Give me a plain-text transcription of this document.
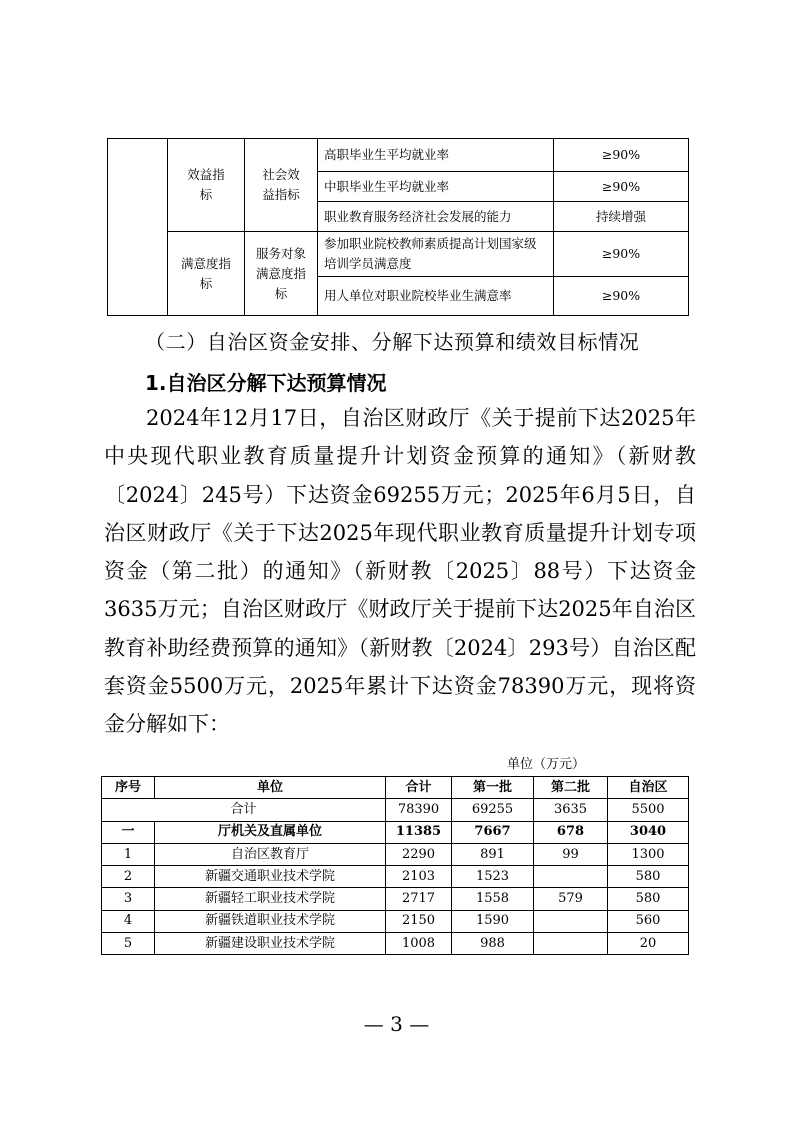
	效益指标	社会效益指标	高职毕业生平均就业率	≥90%
			中职毕业生平均就业率	≥90%
			职业教育服务经济社会发展的能力	持续增强
	满意度指标	服务对象满意度指标	参加职业院校教师素质提高计划国家级培训学员满意度	≥90%
			用人单位对职业院校毕业生满意率	≥90%
（二）自治区资金安排、分解下达预算和绩效目标情况
1.自治区分解下达预算情况

2024年12月17日，自治区财政厅《关于提前下达2025年中央现代职业教育质量提升计划资金预算的通知》（新财教〔2024〕245号）下达资金69255万元；2025年6月5日，自治区财政厅《关于下达2025年现代职业教育质量提升计划专项资金（第二批）的通知》（新财教〔2025〕88号）下达资金3635万元；自治区财政厅《财政厅关于提前下达2025年自治区教育补助经费预算的通知》（新财教〔2024〕293号）自治区配套资金5500万元，2025年累计下达资金78390万元，现将资金分解如下：

单位（万元）
序号	单位	合计	第一批	第二批	自治区
合计		78390	69255	3635	5500
一	厅机关及直属单位	11385	7667	678	3040
1	自治区教育厅	2290	891	99	1300
2	新疆交通职业技术学院	2103	1523		580
3	新疆轻工职业技术学院	2717	1558	579	580
4	新疆铁道职业技术学院	2150	1590		560
5	新疆建设职业技术学院	1008	988		20
— 3 —
